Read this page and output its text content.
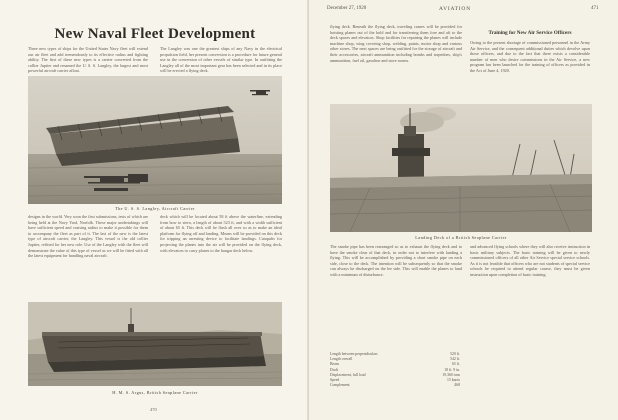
New Naval Fleet Development
Three new types of ships for the United States Navy fleet will extend our air fleet and add tremendously to its effective radius and fighting ability. The first of these new types is a carrier converted from the collier Jupiter and renamed the U. S. S. Langley, the largest and most powerful aircraft carrier afloat.
The Langley was one the greatest ships of any Navy in the electrical propulsion field, her present conversion is a procedure for future general use in the conversion of other vessels of similar type. In outfitting the Langley all of the most important gear has been selected and in its place will be erected a flying deck.
The U. S. S. Langley, Aircraft Carrier
designs in the world. Very soon the first submissions, tests of which are being held at the Navy Yard, Norfolk. These major undertakings will have sufficient speed and cruising radius to make it possible for them to accompany the fleet as part of it. The last of the new is the latest type of aircraft carrier, the Langley. This vessel is the old collier Jupiter, refitted for her new role. Use of the Langley with the fleet will demonstrate the value of this type of vessel as we will be fitted with all the latest equipment for handling naval aircraft.
deck which will be located about 58 ft above the waterline, extending from bow to stern, a length of about 523 ft, and with a width sufficient of about 65 ft. This deck will be flush all over so as to make an ideal platform for flying off and landing. Means will be provided on this deck for tripping an arresting device to facilitate landings. Catapults for projecting the planes into the air will be provided on the flying deck, with elevators to carry planes to the hangar deck below.
H. M. S. Argus, British Seaplane Carrier
470
December 27, 1920	AVIATION	471
flying deck. Beneath the flying deck, traveling cranes will be provided for hoisting planes out of the hold and for transferring them fore and aft to the deck spaces and elevators. Shop facilities for repairing the planes will include machine shop, wing covering shop, welding, paints, motor shop and various other stores. The next spaces are being outfitted for the storage of aircraft and their accessories, aircraft ammunition including bombs and torpedoes, ship's ammunition, fuel oil, gasoline and store rooms.
Training for New Air Service Officers
Owing to the present shortage of commissioned personnel in the Army Air Service, and the consequent additional duties which devolve upon those officers, and due to the fact that there exists a considerable number of men who desire commissions in the Air Service, a new program has been launched for the training of officers as provided in the Act of June 4, 1920.
Landing Deck of a British Seaplane Carrier
The smoke pipe has been rearranged so as to exhaust the flying deck and to have the smoke clear of that deck, in order not to interfere with landing a flying. This will be accomplished by providing a short smoke pipe on each side, close to the deck. The intention will be subsequently so that the smoke can always be discharged on the lee side. This will enable the planes to land with a minimum of disturbance.
and advanced flying schools where they will also receive instruction in basic military subjects. The basic training will be given to newly commissioned officers of all other Air Service special service schools. As it is not feasible that officers who are not students of special service schools be required to attend regular course, they must be given instruction upon completion of basic training.
Length between perpendiculars	520 ft.
Length overall	542 ft.
Beam	65 ft.
Draft	18 ft. 9 in.
Displacement, full load	19,360 tons
Speed	15 knots
Complement	468
